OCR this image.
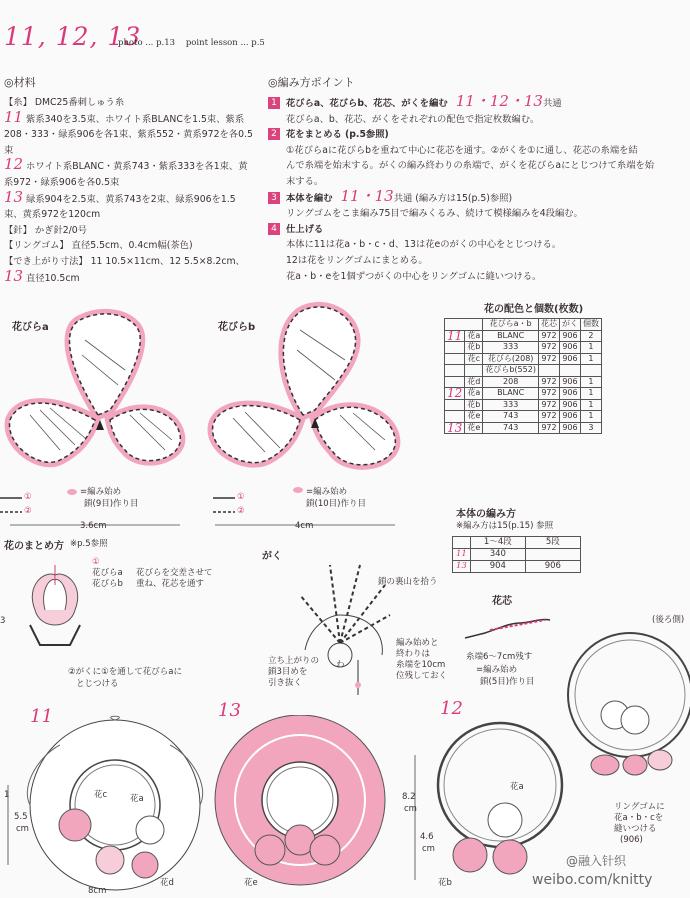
11, 12, 13
photo ... p.13    point lesson ... p.5
◎材料
【糸】 DMC25番刺しゅう糸
11 紫系340を3.5束、ホワイト系BLANCを1.5束、紫系
208・333・緑系906を各1束、紫系552・黄系972を各0.5
束
12 ホワイト系BLANC・黄系743・紫系333を各1束、黄
系972・緑系906を各0.5束
13 緑系904を2.5束、黄系743を2束、緑系906を1.5
束、黄系972を120cm
【針】 かぎ針2/0号
【リングゴム】 直径5.5cm、0.4cm幅(茶色)
【でき上がり寸法】 11 10.5×11cm、12 5.5×8.2cm、
13 直径10.5cm
◎編み方ポイント
1 花びらa、花びらb、花芯、がくを編む 11・12・13共通
花びらa、b、花芯、がくをそれぞれの配色で指定枚数編む。
2 花をまとめる (p.5参照)
①花びらaに花びらbを重ねて中心に花芯を通す。②がくを①に通し、花芯の糸端を結
んで糸端を始末する。がくの編み終わりの糸端で、がくを花びらaにとじつけて糸端を始
末する。
3 本体を編む 11・13共通 (編み方は15(p.5)参照)
リングゴムをこま編み75目で編みくるみ、続けて模様編みを4段編む。
4 仕上げる
本体に11は花a・b・c・d、13は花eのがくの中心をとじつける。
12は花をリングゴムにまとめる。
花a・b・eを1個ずつがくの中心をリングゴムに縫いつける。
花びらa	花びらb
①
②
①
②
=編み始め
鎖(9目)作り目
=編み始め
鎖(10目)作り目
3.6cm	4cm
花の配色と個数(枚数)
		花びらa・b	花芯	がく	個数
11	花a	BLANC	972	906	2
	花b	333	972	906	1
	花c	花びら(208)	972	906	1
		花びらb(552)			
	花d	208	972	906	1
12	花a	BLANC	972	906	1
	花b	333	972	906	1
	花e	743	972	906	1
13	花e	743	972	906	3
本体の編み方
※編み方は15(p.15) 参照
	1〜4段	5段
11	340	
13	904	906
花のまとめ方 ※p.5参照
①
花びらa
花びらb
花びらを交差させて
重ね、花芯を通す
②がくに①を通して花びらaに
とじつける
3
がく
鎖の裏山を拾う
立ち上がりの
鎖3目めを
引き抜く
編み始めと
終わりは
糸端を10cm
位残しておく
わ
花芯
糸端6〜7cm残す
=編み始め
鎖(5目)作り目
(後ろ側)
リングゴムに
花a・b・cを
縫いつける
(906)
11	13	12
花c	花a
花d	花e
花a
花b
1
5.5
cm
8.2
cm
4.6
cm
8cm
@融入针织
weibo.com/knitty
